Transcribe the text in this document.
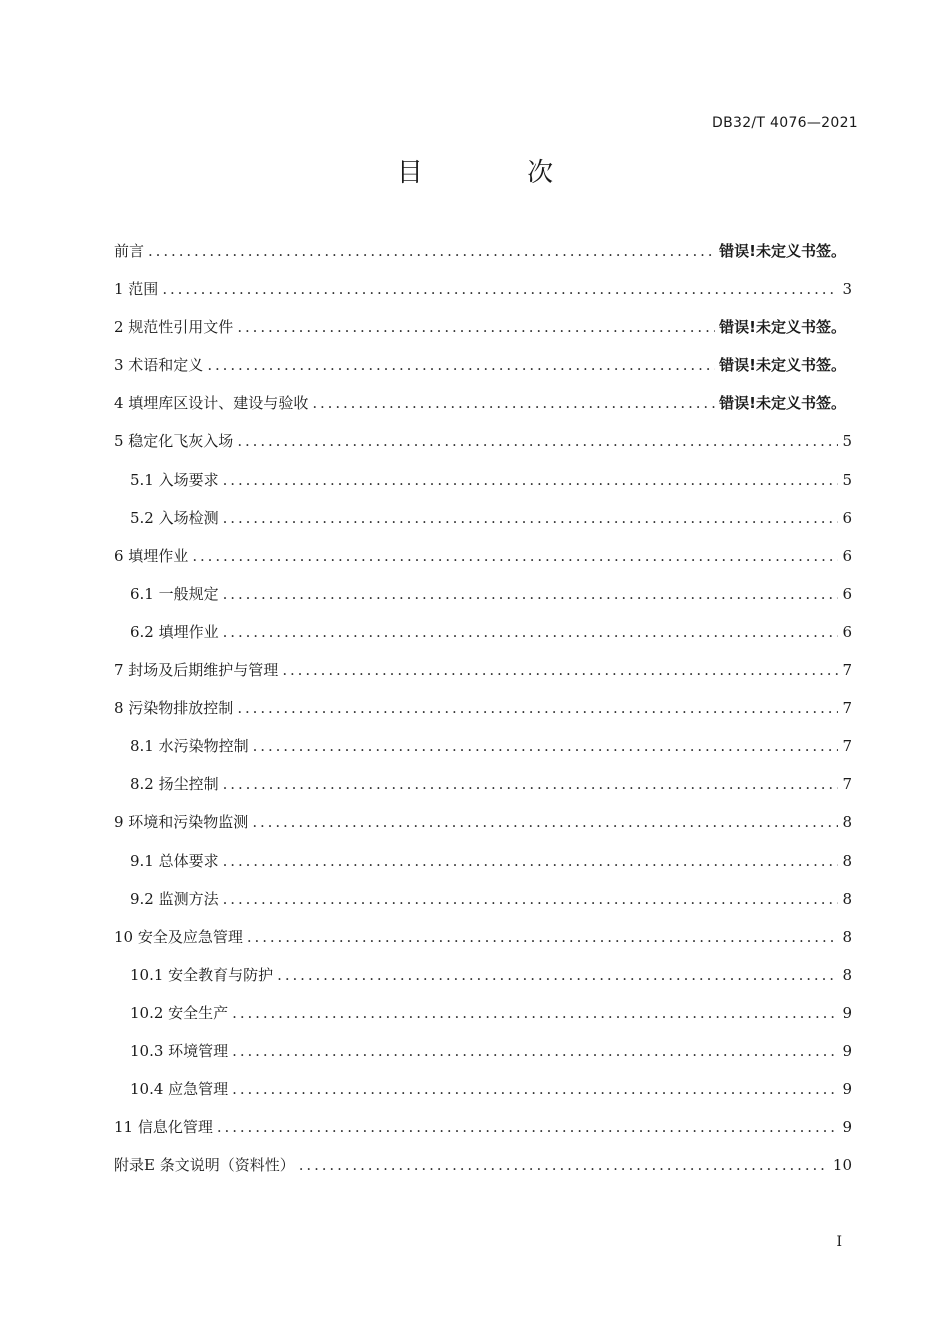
DB32/T 4076—2021
目 次
前言 .....	错误!未定义书签。
1 范围 .....	3
2 规范性引用文件 .....	错误!未定义书签。
3 术语和定义 .....	错误!未定义书签。
4 填埋库区设计、建设与验收 .....	错误!未定义书签。
5 稳定化飞灰入场 .....	5
5.1 入场要求 .....	5
5.2 入场检测 .....	6
6 填埋作业 .....	6
6.1 一般规定 .....	6
6.2 填埋作业 .....	6
7 封场及后期维护与管理 .....	7
8 污染物排放控制 .....	7
8.1 水污染物控制 .....	7
8.2 扬尘控制 .....	7
9 环境和污染物监测 .....	8
9.1 总体要求 .....	8
9.2 监测方法 .....	8
10 安全及应急管理 .....	8
10.1 安全教育与防护 .....	8
10.2 安全生产 .....	9
10.3 环境管理 .....	9
10.4 应急管理 .....	9
11 信息化管理 .....	9
附录E 条文说明（资料性） .....	10
I
